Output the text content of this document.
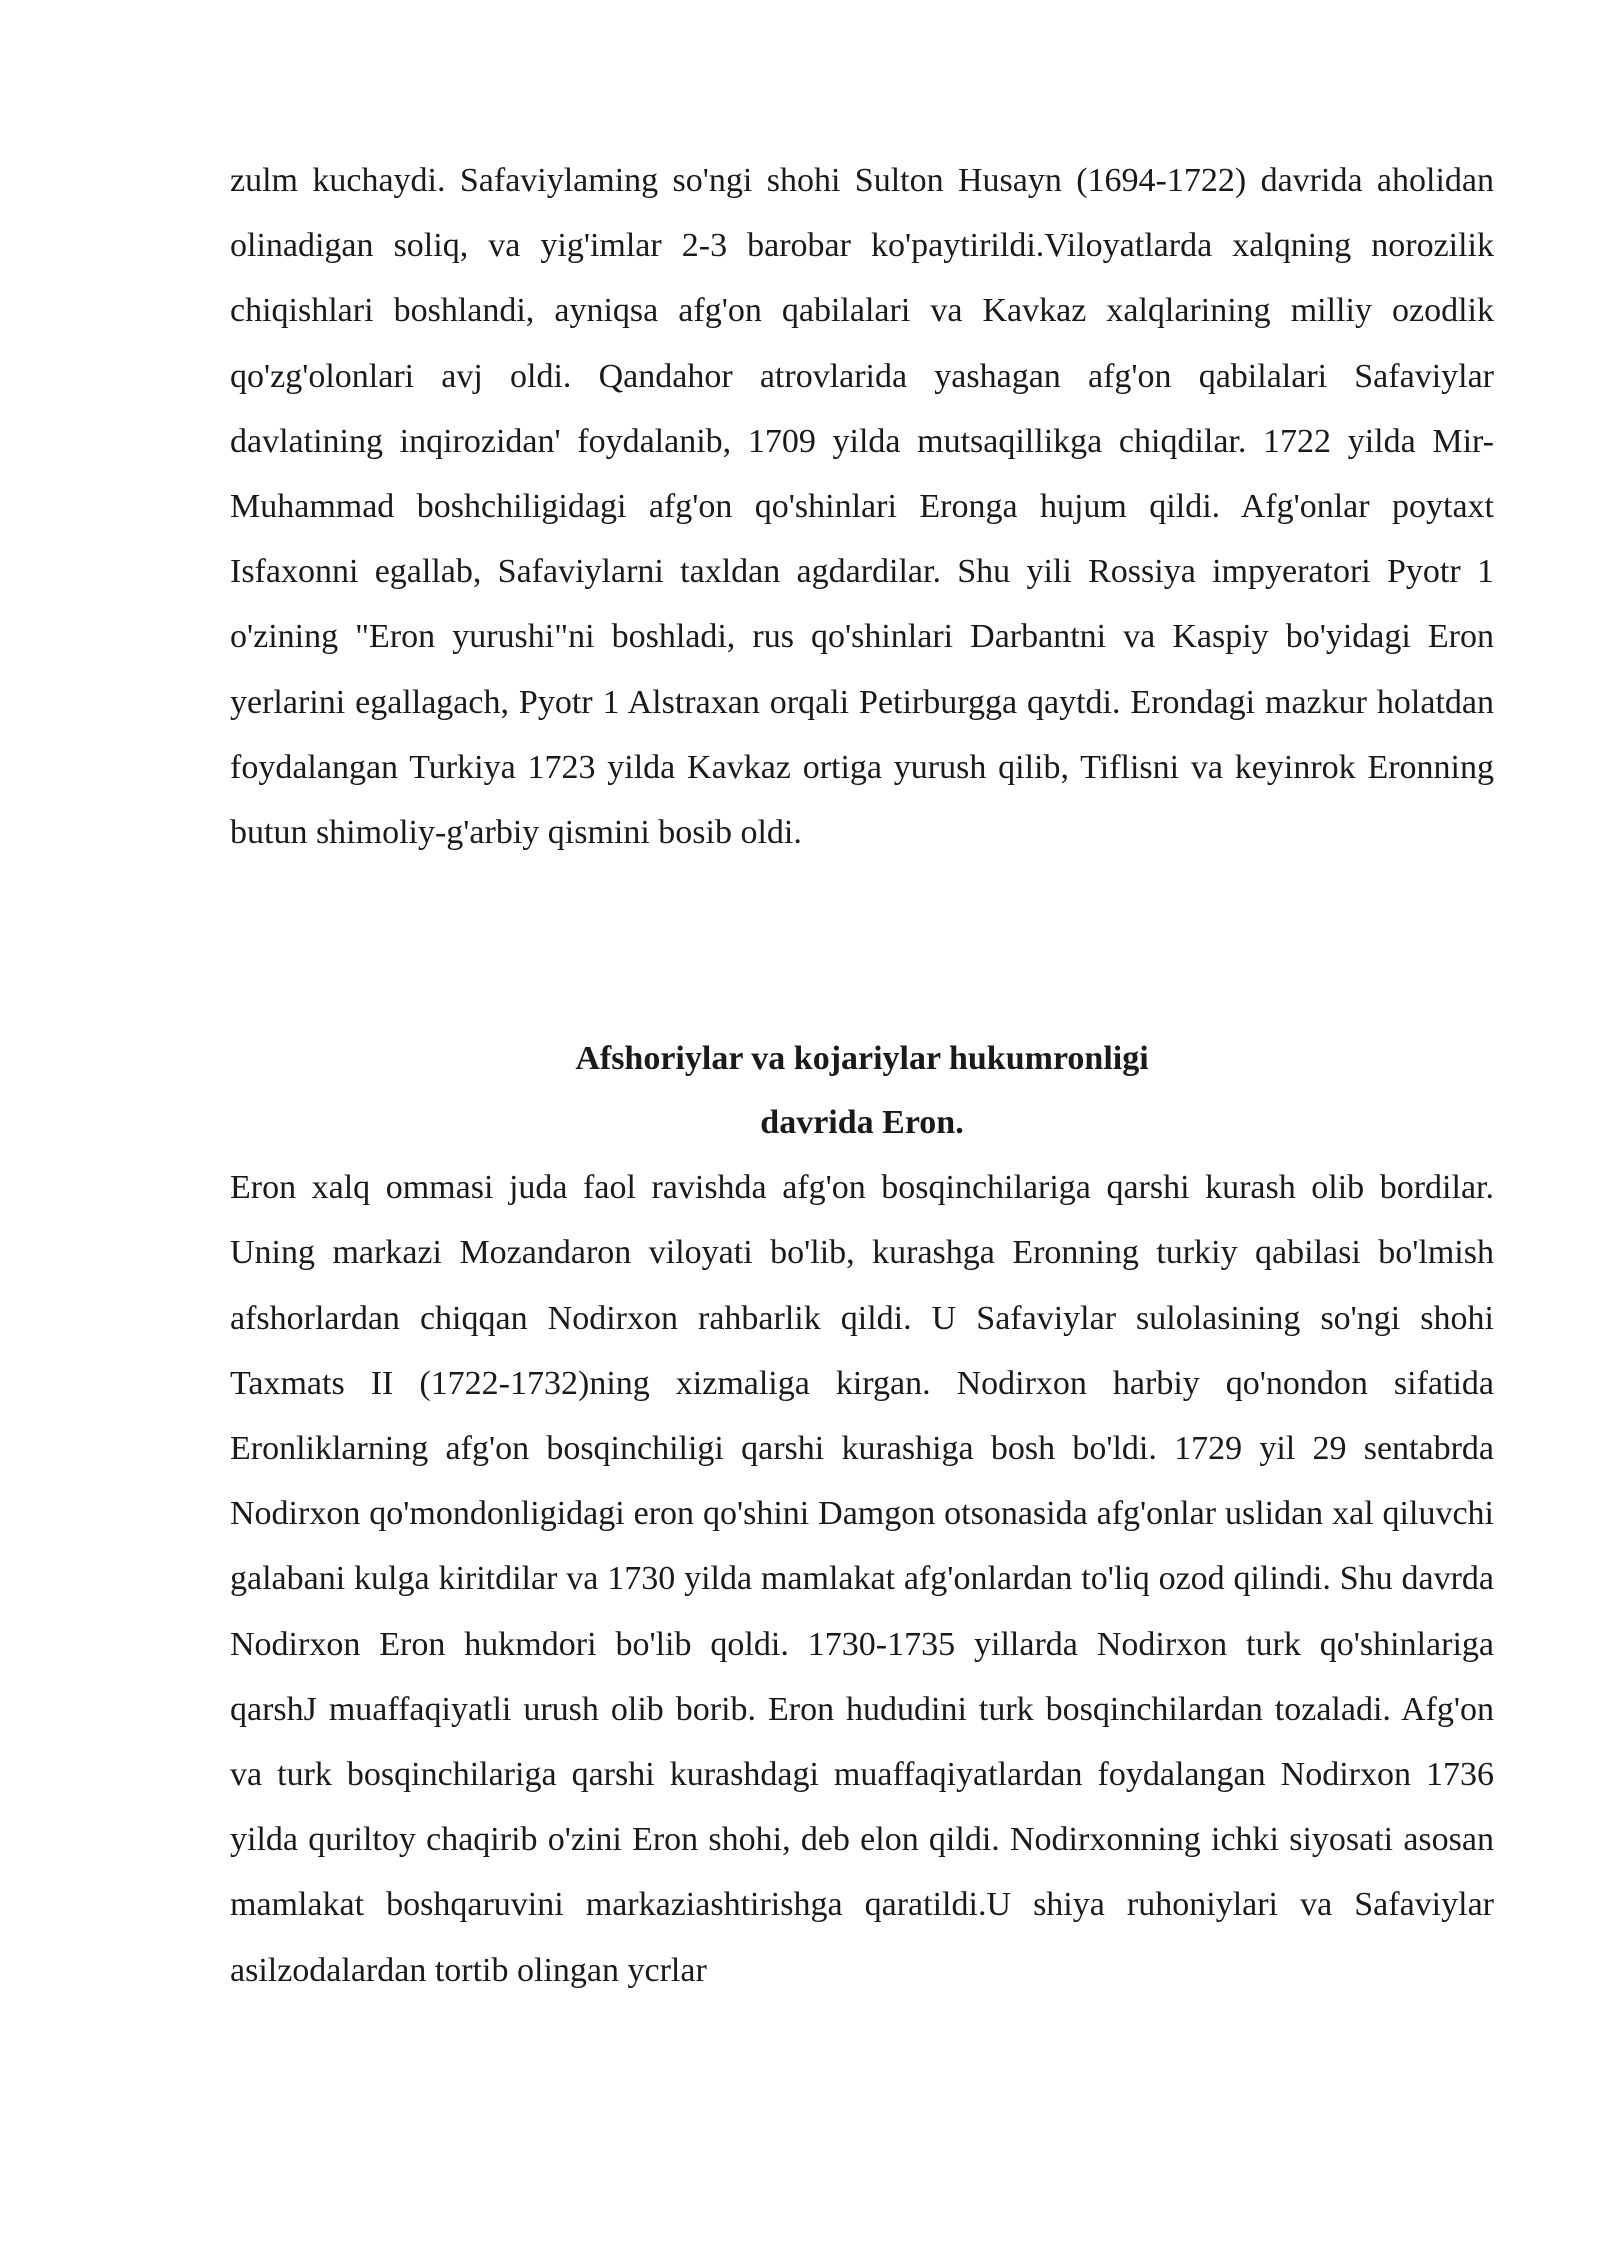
zulm kuchaydi. Safaviylaming so'ngi shohi Sulton Husayn (1694-1722) davrida aholidan olinadigan soliq, va yig'imlar 2-3 barobar ko'paytirildi.Viloyatlarda xalqning norozilik chiqishlari boshlandi, ayniqsa afg'on qabilalari va Kavkaz xalqlarining milliy ozodlik qo'zg'olonlari avj oldi. Qandahor atrovlarida yashagan afg'on qabilalari Safaviylar davlatining inqirozidan' foydalanib, 1709 yilda mutsaqillikga chiqdilar. 1722 yilda Mir-Muhammad boshchiligidagi afg'on qo'shinlari Eronga hujum qildi. Afg'onlar poytaxt Isfaxonni egallab, Safaviylarni taxldan agdardilar. Shu yili Rossiya impyeratori Pyotr 1 o'zining "Eron yurushi"ni boshladi, rus qo'shinlari Darbantni va Kaspiy bo'yidagi Eron yerlarini egallagach, Pyotr 1 Alstraxan orqali Petirburgga qaytdi. Erondagi mazkur holatdan foydalangan Turkiya 1723 yilda Kavkaz ortiga yurush qilib, Tiflisni va keyinrok Eronning butun shimoliy-g'arbiy qismini bosib oldi.

Afshoriylar va kojariylar hukumronligi
davrida Eron.

Eron xalq ommasi juda faol ravishda afg'on bosqinchilariga qarshi kurash olib bordilar. Uning markazi Mozandaron viloyati bo'lib, kurashga Eronning turkiy qabilasi bo'lmish afshorlardan chiqqan Nodirxon rahbarlik qildi. U Safaviylar sulolasining so'ngi shohi Taxmats II (1722-1732)ning xizmaliga kirgan. Nodirxon harbiy qo'nondon sifatida Eronliklarning afg'on bosqinchiligi qarshi kurashiga bosh bo'ldi. 1729 yil 29 sentabrda Nodirxon qo'mondonligidagi eron qo'shini Damgon otsonasida afg'onlar uslidan xal qiluvchi galabani kulga kiritdilar va 1730 yilda mamlakat afg'onlardan to'liq ozod qilindi. Shu davrda Nodirxon Eron hukmdori bo'lib qoldi. 1730-1735 yillarda Nodirxon turk qo'shinlariga qarshJ muaffaqiyatli urush olib borib. Eron hududini turk bosqinchilardan tozaladi. Afg'on va turk bosqinchilariga qarshi kurashdagi muaffaqiyatlardan foydalangan Nodirxon 1736 yilda quriltoy chaqirib o'zini Eron shohi, deb elon qildi. Nodirxonning ichki siyosati asosan mamlakat boshqaruvini markaziashtirishga qaratildi.U shiya ruhoniylari va Safaviylar asilzodalardan tortib olingan ycrlar
